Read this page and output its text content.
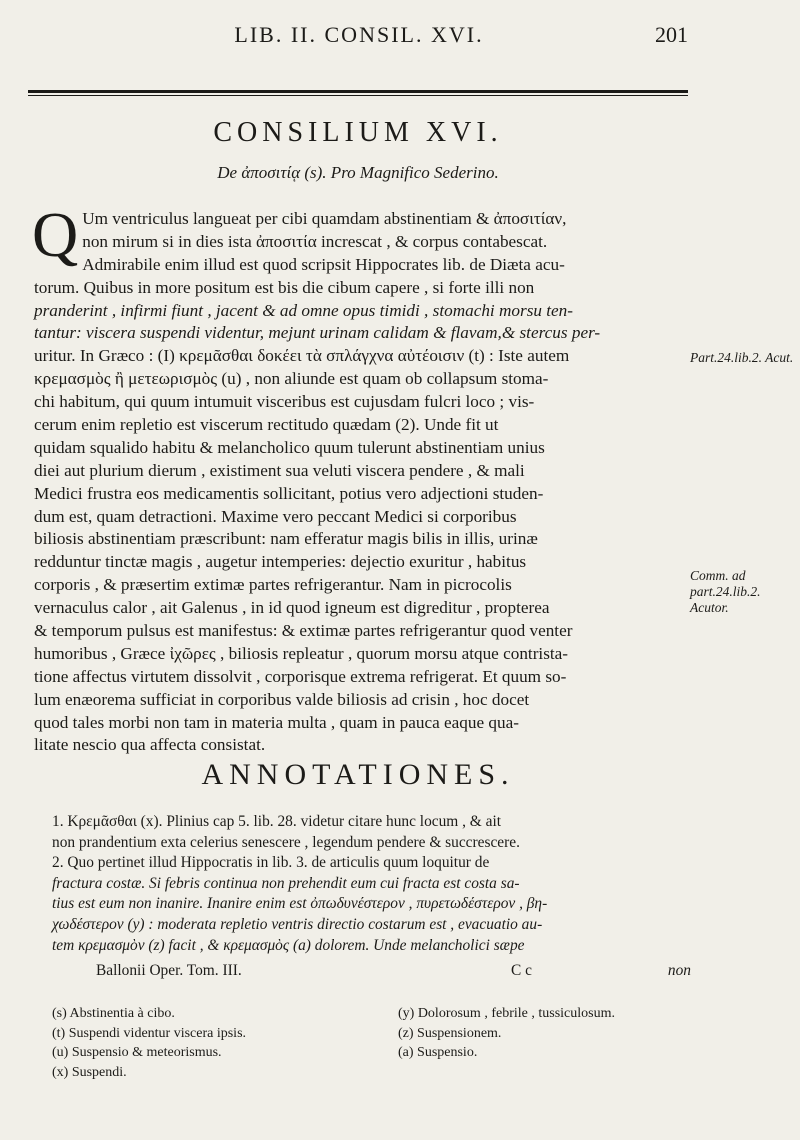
LIB. II. CONSIL. XVI.	201
CONSILIUM XVI.
De ἀποσιτίᾳ (s). Pro Magnifico Sederino.
Q Um ventriculus langueat per cibi quamdam abstinentiam & ἀποσιτίαν,
non mirum si in dies ista ἀποσιτία increscat , & corpus contabescat.
Admirabile enim illud est quod scripsit Hippocrates lib. de Diæta acu-
torum. Quibus in more positum est bis die cibum capere , si forte illi non
pranderint , infirmi fiunt , jacent & ad omne opus timidi , stomachi morsu ten-
tantur: viscera suspendi videntur, mejunt urinam calidam & flavam,& stercus per-
uritur. In Græco : (I) κρεμᾶσθαι δοκέει τὰ σπλάγχνα αὐτέοισιν (t) : Iste autem
κρεμασμὸς ἢ μετεωρισμὸς (u) , non aliunde est quam ob collapsum stoma-
chi habitum, qui quum intumuit visceribus est cujusdam fulcri loco ; vis-
cerum enim repletio est viscerum rectitudo quædam (2). Unde fit ut
quidam squalido habitu & melancholico quum tulerunt abstinentiam unius
diei aut plurium dierum , existiment sua veluti viscera pendere , & mali
Medici frustra eos medicamentis sollicitant, potius vero adjectioni studen-
dum est, quam detractioni. Maxime vero peccant Medici si corporibus
biliosis abstinentiam præscribunt: nam efferatur magis bilis in illis, urinæ
redduntur tinctæ magis , augetur intemperies: dejectio exuritur , habitus
corporis , & præsertim extimæ partes refrigerantur. Nam in picrocolis
vernaculus calor , ait Galenus , in id quod igneum est digreditur , propterea
& temporum pulsus est manifestus: & extimæ partes refrigerantur quod venter
humoribus , Græce ἰχῶρες , biliosis repleatur , quorum morsu atque contrista-
tione affectus virtutem dissolvit , corporisque extrema refrigerat. Et quum so-
lum enæorema sufficiat in corporibus valde biliosis ad crisin , hoc docet
quod tales morbi non tam in materia multa , quam in pauca eaque qua-
litate nescio qua affecta consistat.
Part.24.lib.2. Acut.
Comm. ad part.24.lib.2. Acutor.
ANNOTATIONES.
1. Κρεμᾶσθαι (x). Plinius cap 5. lib. 28. videtur citare hunc locum , & ait
non prandentium exta celerius senescere , legendum pendere & succrescere.
2. Quo pertinet illud Hippocratis in lib. 3. de articulis quum loquitur de
fractura costæ. Si febris continua non prehendit eum cui fracta est costa sa-
tius est eum non inanire. Inanire enim est ὀπωδυνέστερον , πυρετωδέστερον , βη-
χωδέστερον (y) : moderata repletio ventris directio costarum est , evacuatio au-
tem κρεμασμὸν (z) facit , & κρεμασμὸς (a) dolorem. Unde melancholici sæpe
Ballonii Oper. Tom. III.	C c	non
(s) Abstinentia à cibo.
(t) Suspendi videntur viscera ipsis.
(u) Suspensio & meteorismus.
(x) Suspendi.
(y) Dolorosum , febrile , tussiculosum.
(z) Suspensionem.
(a) Suspensio.
